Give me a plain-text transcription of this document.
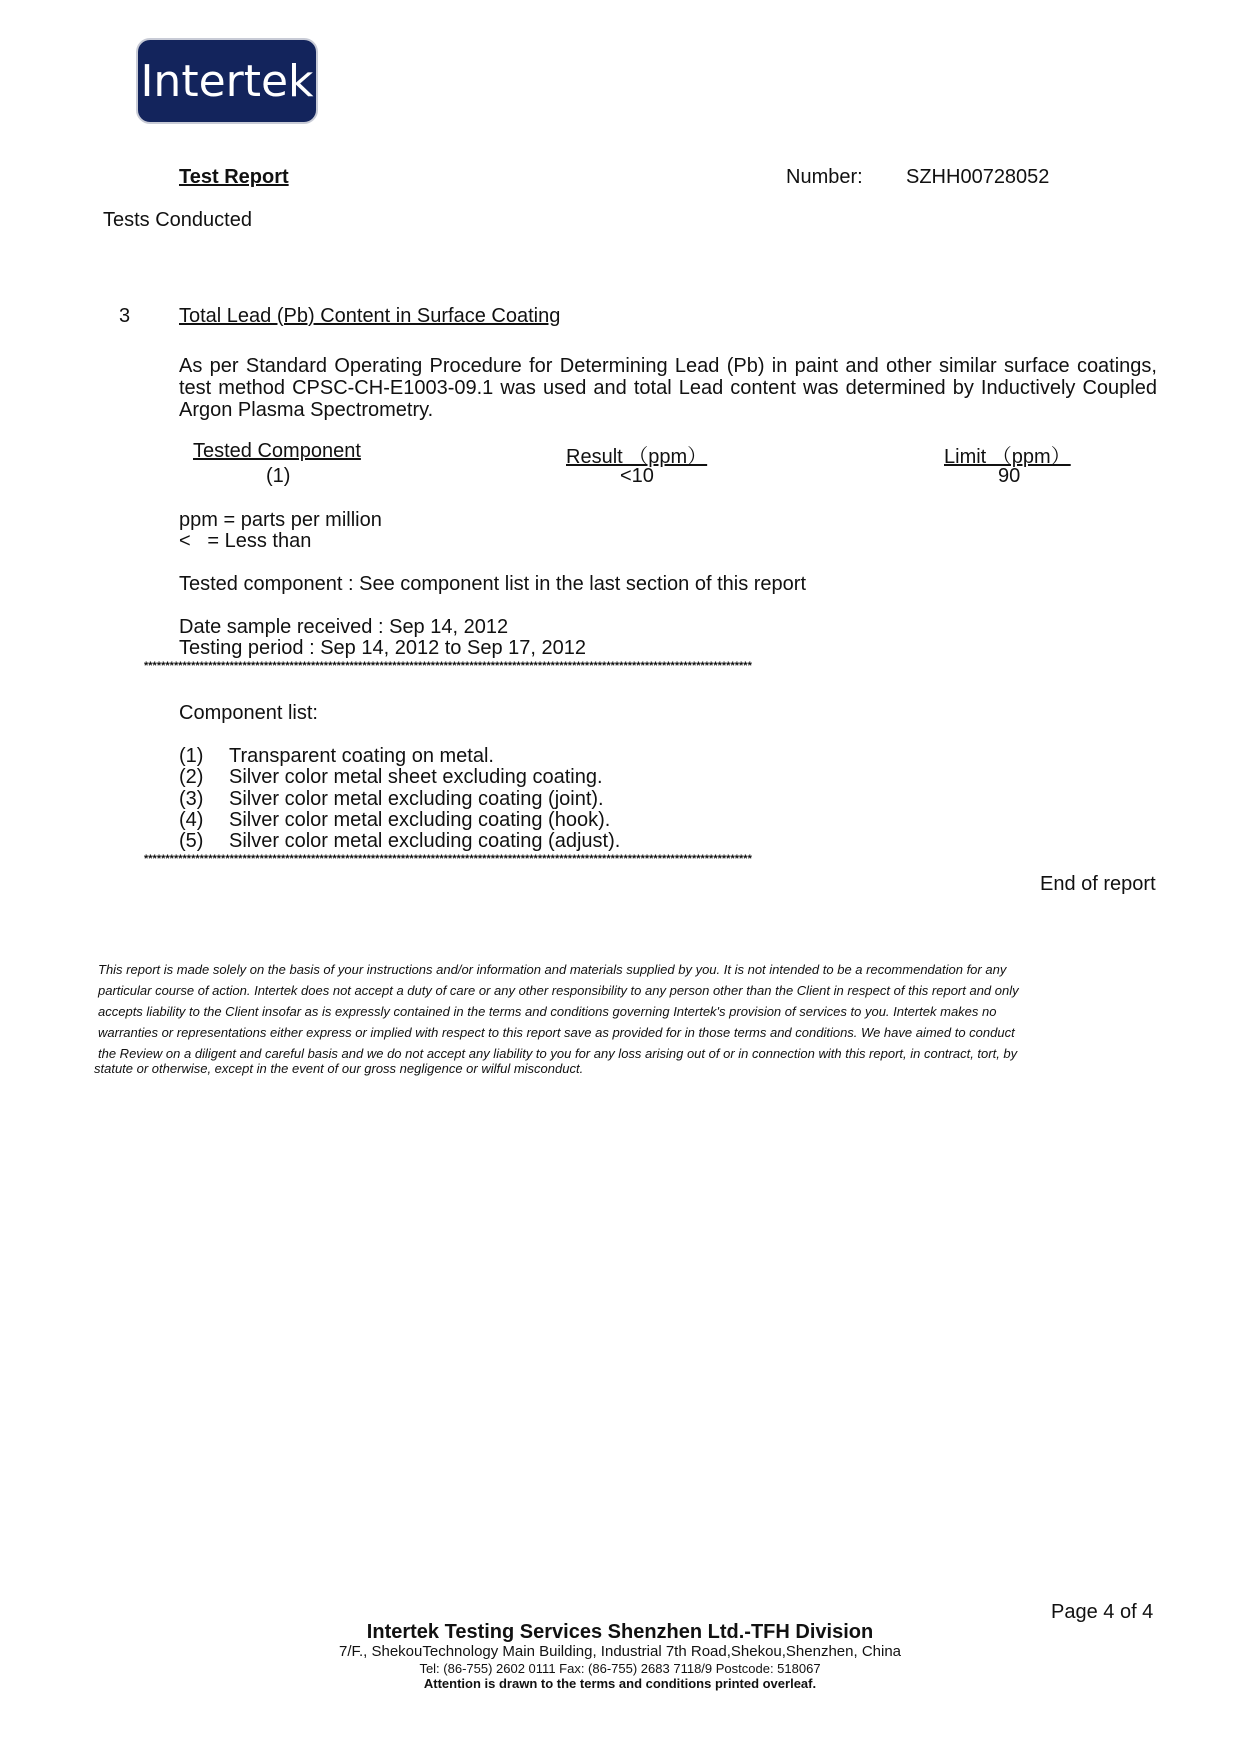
Intertek
Test Report	Number: SZHH00728052
Tests Conducted
3 Total Lead (Pb) Content in Surface Coating
As per Standard Operating Procedure for Determining Lead (Pb) in paint and other similar surface coatings, test method CPSC-CH-E1003-09.1 was used and total Lead content was determined by Inductively Coupled Argon Plasma Spectrometry.
Tested Component	Result （ppm）	Limit （ppm）
(1)	<10	90
ppm = parts per million
<   = Less than
Tested component : See component list in the last section of this report
Date sample received : Sep 14, 2012
Testing period : Sep 14, 2012 to Sep 17, 2012
**********************************************************************************************************************************************
Component list:
(1) Transparent coating on metal.
(2) Silver color metal sheet excluding coating.
(3) Silver color metal excluding coating (joint).
(4) Silver color metal excluding coating (hook).
(5) Silver color metal excluding coating (adjust).
**********************************************************************************************************************************************
End of report
This report is made solely on the basis of your instructions and/or information and materials supplied by you. It is not intended to be a recommendation for any
particular course of action. Intertek does not accept a duty of care or any other responsibility to any person other than the Client in respect of this report and only
accepts liability to the Client insofar as is expressly contained in the terms and conditions governing Intertek's provision of services to you. Intertek makes no
warranties or representations either express or implied with respect to this report save as provided for in those terms and conditions. We have aimed to conduct
the Review on a diligent and careful basis and we do not accept any liability to you for any loss arising out of or in connection with this report, in contract, tort, by
statute or otherwise, except in the event of our gross negligence or wilful misconduct.
Page 4 of 4
Intertek Testing Services Shenzhen Ltd.-TFH Division
7/F., ShekouTechnology Main Building, Industrial 7th Road,Shekou,Shenzhen, China
Tel: (86-755) 2602 0111 Fax: (86-755) 2683 7118/9 Postcode: 518067
Attention is drawn to the terms and conditions printed overleaf.
